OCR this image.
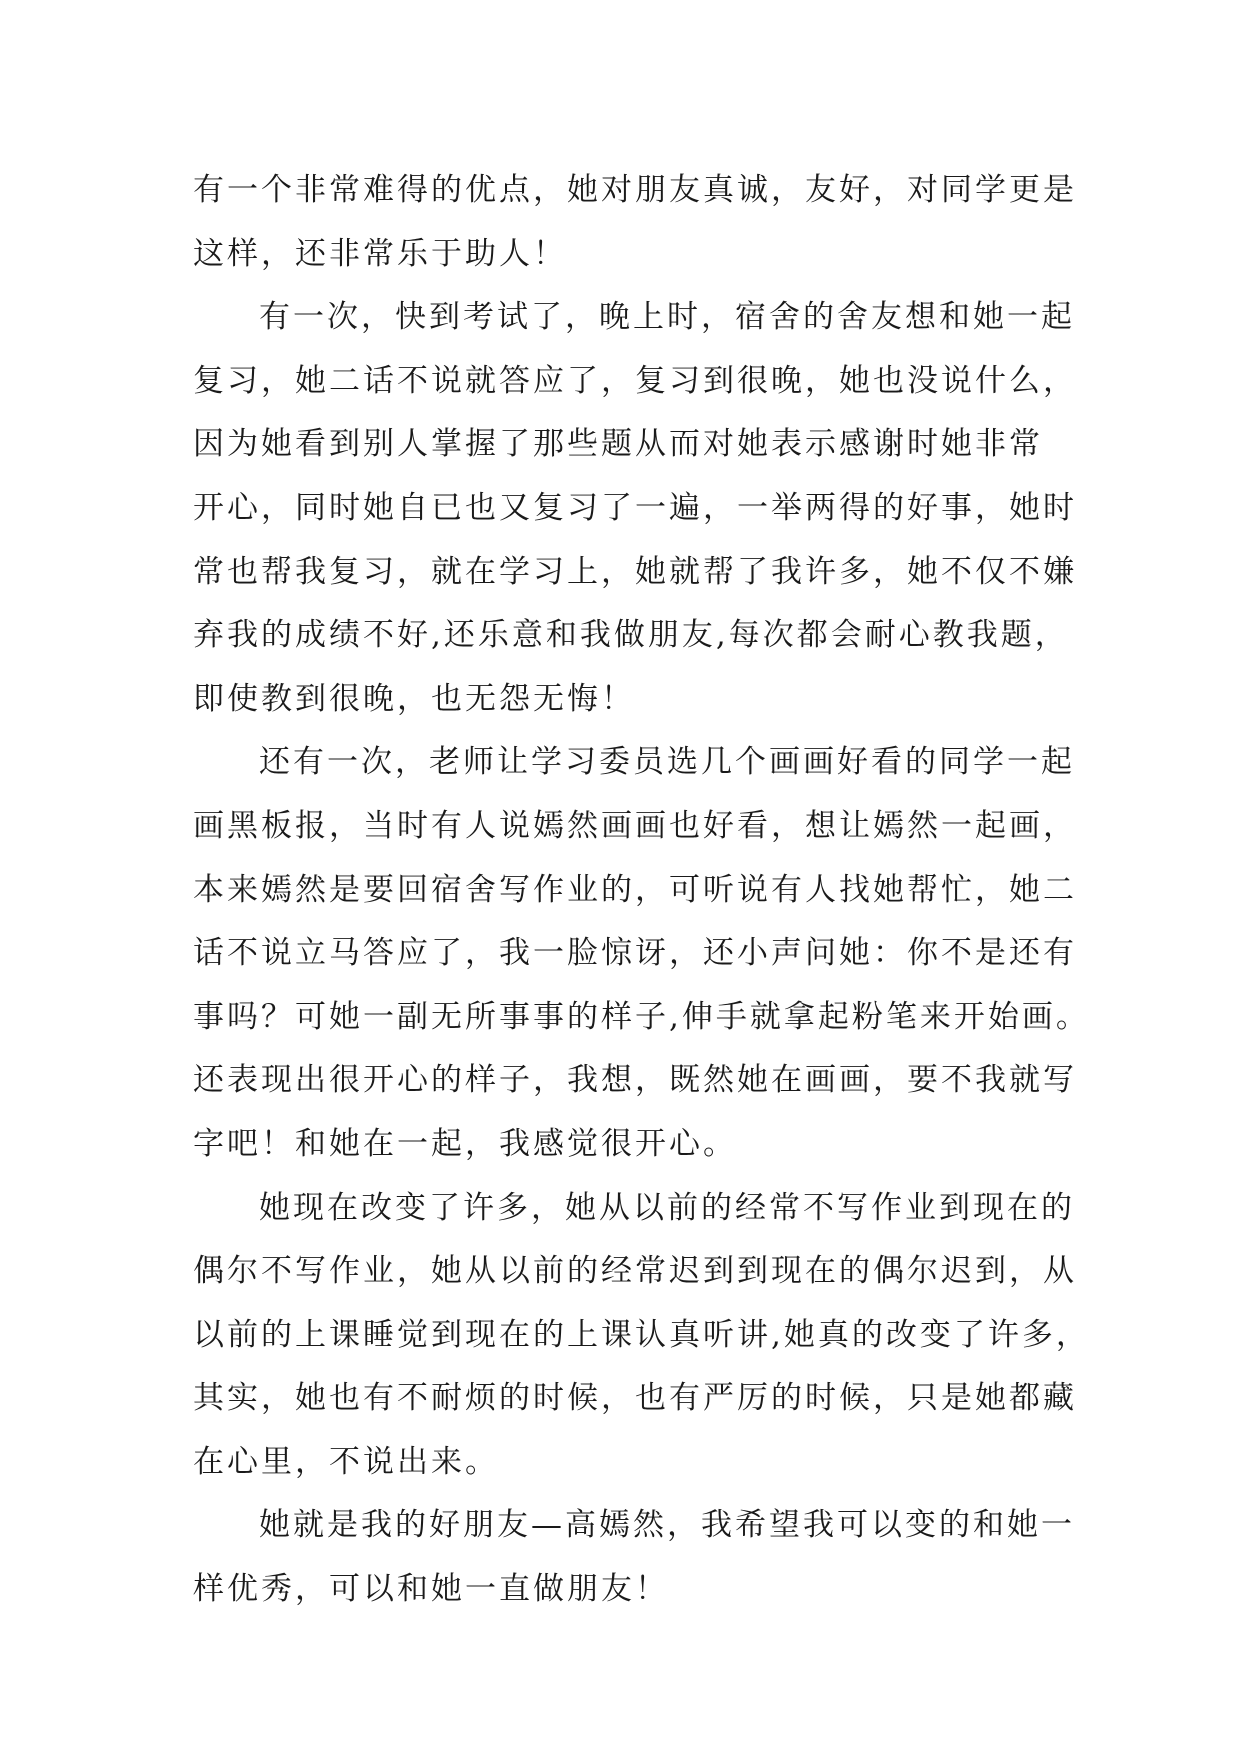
有一个非常难得的优点，她对朋友真诚，友好，对同学更是
这样，还非常乐于助人！
有一次，快到考试了，晚上时，宿舍的舍友想和她一起
复习，她二话不说就答应了，复习到很晚，她也没说什么，
因为她看到别人掌握了那些题从而对她表示感谢时她非常
开心，同时她自已也又复习了一遍，一举两得的好事，她时
常也帮我复习，就在学习上，她就帮了我许多，她不仅不嫌
弃我的成绩不好,还乐意和我做朋友,每次都会耐心教我题，
即使教到很晚，也无怨无悔！
还有一次，老师让学习委员选几个画画好看的同学一起
画黑板报，当时有人说嫣然画画也好看，想让嫣然一起画，
本来嫣然是要回宿舍写作业的，可听说有人找她帮忙，她二
话不说立马答应了，我一脸惊讶，还小声问她：你不是还有
事吗？可她一副无所事事的样子,伸手就拿起粉笔来开始画。
还表现出很开心的样子，我想，既然她在画画，要不我就写
字吧！和她在一起，我感觉很开心。
她现在改变了许多，她从以前的经常不写作业到现在的
偶尔不写作业，她从以前的经常迟到到现在的偶尔迟到，从
以前的上课睡觉到现在的上课认真听讲,她真的改变了许多，
其实，她也有不耐烦的时候，也有严厉的时候，只是她都藏
在心里，不说出来。
她就是我的好朋友—高嫣然，我希望我可以变的和她一
样优秀，可以和她一直做朋友！
